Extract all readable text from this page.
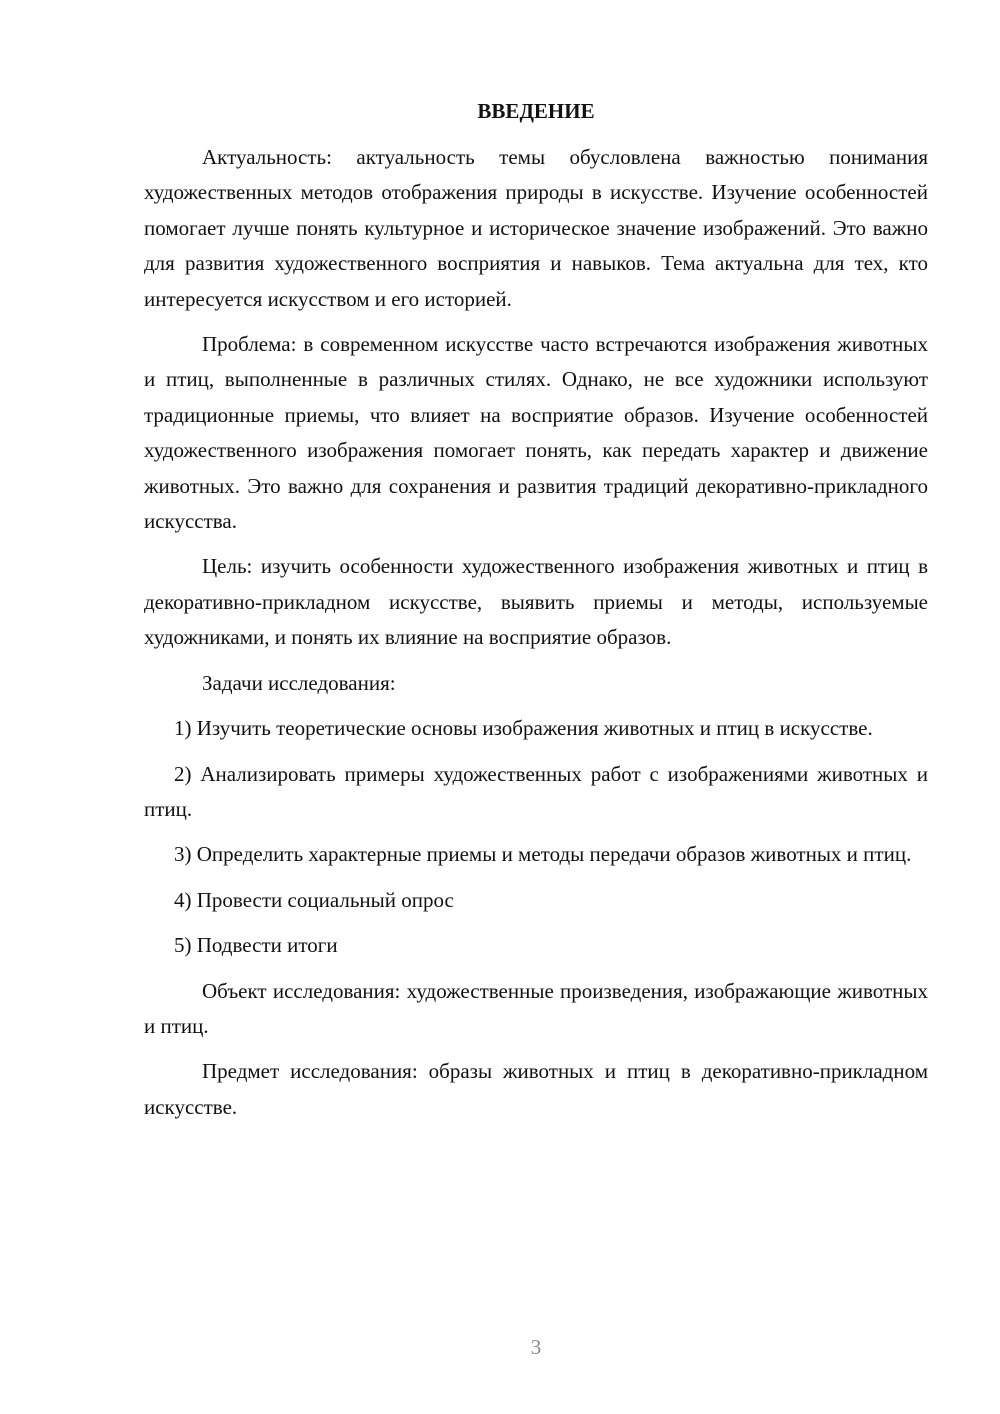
ВВЕДЕНИЕ

Актуальность: актуальность темы обусловлена важностью понимания художественных методов отображения природы в искусстве. Изучение особенностей помогает лучше понять культурное и историческое значение изображений. Это важно для развития художественного восприятия и навыков. Тема актуальна для тех, кто интересуется искусством и его историей.

Проблема: в современном искусстве часто встречаются изображения животных и птиц, выполненные в различных стилях. Однако, не все художники используют традиционные приемы, что влияет на восприятие образов. Изучение особенностей художественного изображения помогает понять, как передать характер и движение животных. Это важно для сохранения и развития традиций декоративно-прикладного искусства.

Цель: изучить особенности художественного изображения животных и птиц в декоративно-прикладном искусстве, выявить приемы и методы, используемые художниками, и понять их влияние на восприятие образов.

Задачи исследования:

1) Изучить теоретические основы изображения животных и птиц в искусстве.

2) Анализировать примеры художественных работ с изображениями животных и птиц.

3) Определить характерные приемы и методы передачи образов животных и птиц.

4) Провести социальный опрос

5) Подвести итоги

Объект исследования: художественные произведения, изображающие животных и птиц.

Предмет исследования: образы животных и птиц в декоративно-прикладном искусстве.

3
